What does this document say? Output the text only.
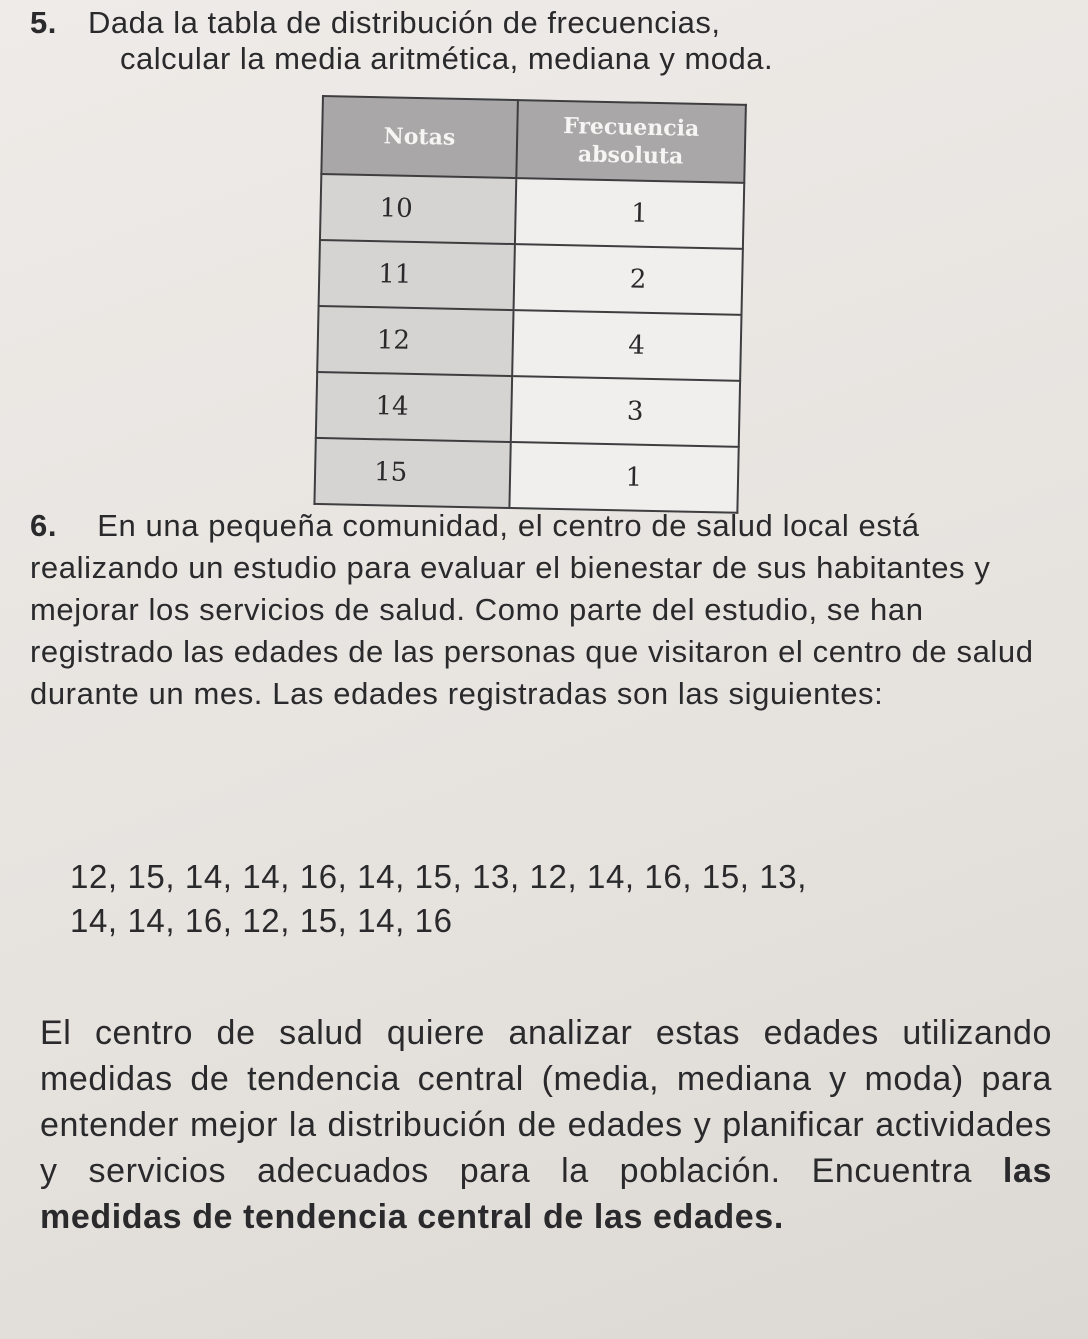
5. Dada la tabla de distribución de frecuencias,
calcular la media aritmética, mediana y moda.
Notas	Frecuencia absoluta
10	1
11	2
12	4
14	3
15	1
6. En una pequeña comunidad, el centro de salud local está realizando un estudio para evaluar el bienestar de sus habitantes y mejorar los servicios de salud. Como parte del estudio, se han registrado las edades de las personas que visitaron el centro de salud durante un mes. Las edades registradas son las siguientes:
12, 15, 14, 14, 16, 14, 15, 13, 12, 14, 16, 15, 13,
14, 14, 16, 12, 15, 14, 16
El centro de salud quiere analizar estas edades utilizando medidas de tendencia central (media, mediana y moda) para entender mejor la distribución de edades y planificar actividades y servicios adecuados para la población. Encuentra las medidas de tendencia central de las edades.
